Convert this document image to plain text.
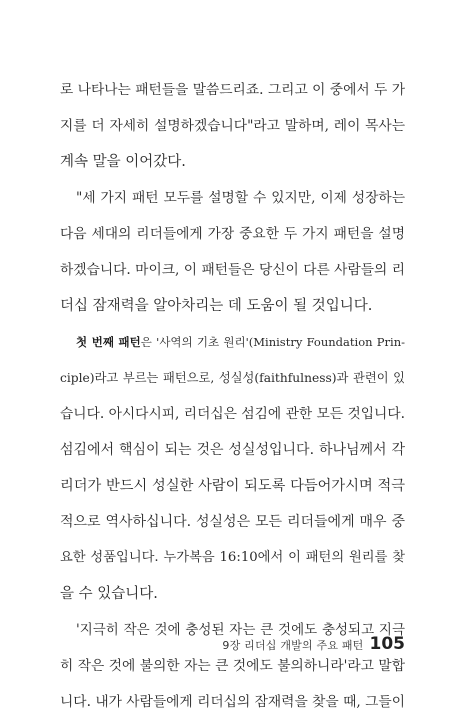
로 나타나는 패턴들을 말씀드리죠. 그리고 이 중에서 두 가
지를 더 자세히 설명하겠습니다"라고 말하며, 레이 목사는
계속 말을 이어갔다.
"세 가지 패턴 모두를 설명할 수 있지만, 이제 성장하는
다음 세대의 리더들에게 가장 중요한 두 가지 패턴을 설명
하겠습니다. 마이크, 이 패턴들은 당신이 다른 사람들의 리
더십 잠재력을 알아차리는 데 도움이 될 것입니다.
첫 번째 패턴은 '사역의 기초 원리'(Ministry Foundation Prin-
ciple)라고 부르는 패턴으로, 성실성(faithfulness)과 관련이 있
습니다. 아시다시피, 리더십은 섬김에 관한 모든 것입니다.
섬김에서 핵심이 되는 것은 성실성입니다. 하나님께서 각
리더가 반드시 성실한 사람이 되도록 다듬어가시며 적극
적으로 역사하십니다. 성실성은 모든 리더들에게 매우 중
요한 성품입니다. 누가복음 16:10에서 이 패턴의 원리를 찾
을 수 있습니다.
'지극히 작은 것에 충성된 자는 큰 것에도 충성되고 지극
히 작은 것에 불의한 자는 큰 것에도 불의하니라'라고 말합
니다. 내가 사람들에게 리더십의 잠재력을 찾을 때, 그들이
9장 리더십 개발의 주요 패턴 105
